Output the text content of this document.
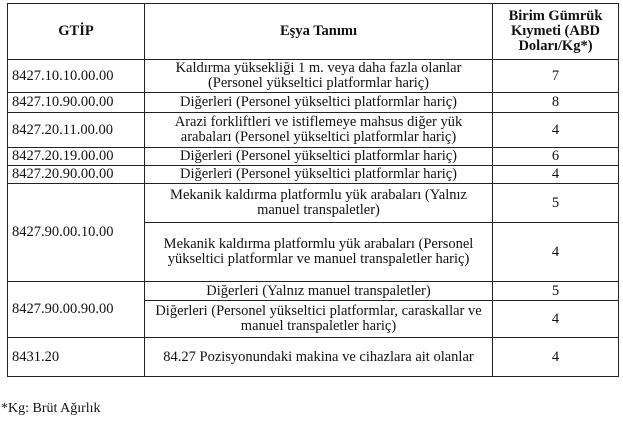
GTİP	Eşya Tanımı	Birim Gümrük Kıymeti (ABD Doları/Kg*)
8427.10.10.00.00	Kaldırma yüksekliği 1 m. veya daha fazla olanlar (Personel yükseltici platformlar hariç)	7
8427.10.90.00.00	Diğerleri (Personel yükseltici platformlar hariç)	8
8427.20.11.00.00	Arazi forkliftleri ve istiflemeye mahsus diğer yük arabaları (Personel yükseltici platformlar hariç)	4
8427.20.19.00.00	Diğerleri (Personel yükseltici platformlar hariç)	6
8427.20.90.00.00	Diğerleri (Personel yükseltici platformlar hariç)	4
8427.90.00.10.00	Mekanik kaldırma platformlu yük arabaları (Yalnız manuel transpaletler)	5
	Mekanik kaldırma platformlu yük arabaları (Personel yükseltici platformlar ve manuel transpaletler hariç)	4
8427.90.00.90.00	Diğerleri (Yalnız manuel transpaletler)	5
	Diğerleri (Personel yükseltici platformlar, caraskallar ve manuel transpaletler hariç)	4
8431.20	84.27 Pozisyonundaki makina ve cihazlara ait olanlar	4
*Kg: Brüt Ağırlık
